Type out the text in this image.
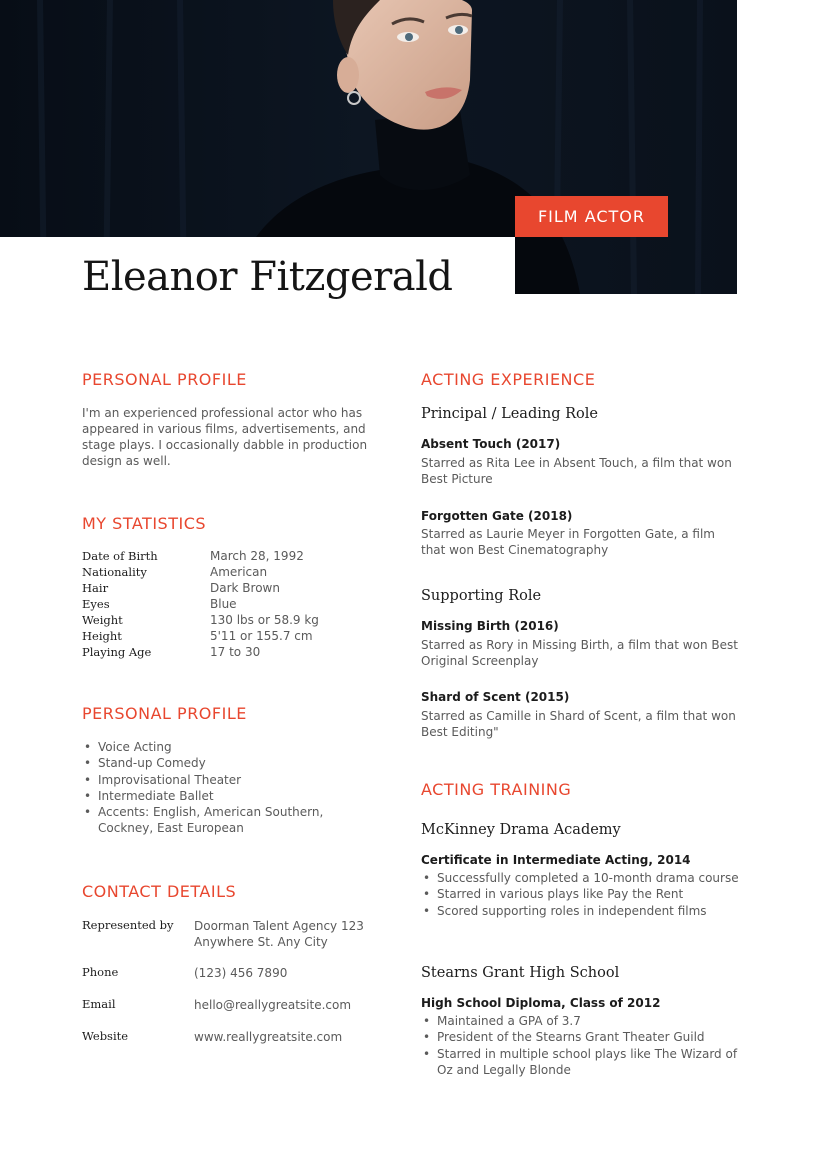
FILM ACTOR
Eleanor Fitzgerald
PERSONAL PROFILE
I'm an experienced professional actor who has appeared in various films, advertisements, and stage plays. I occasionally dabble in production design as well.
MY STATISTICS
Date of Birth	March 28, 1992
Nationality	American
Hair	Dark Brown
Eyes	Blue
Weight	130 lbs or 58.9 kg
Height	5'11 or 155.7 cm
Playing Age	17 to 30
PERSONAL PROFILE
• Voice Acting
• Stand-up Comedy
• Improvisational Theater
• Intermediate Ballet
• Accents: English, American Southern, Cockney, East European
CONTACT DETAILS
Represented by Doorman Talent Agency 123 Anywhere St. Any City
Phone	(123) 456 7890
Email	hello@reallygreatsite.com
Website	www.reallygreatsite.com
ACTING EXPERIENCE
Principal / Leading Role
Absent Touch (2017)
Starred as Rita Lee in Absent Touch, a film that won Best Picture
Forgotten Gate (2018)
Starred as Laurie Meyer in Forgotten Gate, a film that won Best Cinematography
Supporting Role
Missing Birth (2016)
Starred as Rory in Missing Birth, a film that won Best Original Screenplay
Shard of Scent (2015)
Starred as Camille in Shard of Scent, a film that won Best Editing"
ACTING TRAINING
McKinney Drama Academy
Certificate in Intermediate Acting, 2014
• Successfully completed a 10-month drama course
• Starred in various plays like Pay the Rent
• Scored supporting roles in independent films
Stearns Grant High School
High School Diploma, Class of 2012
• Maintained a GPA of 3.7
• President of the Stearns Grant Theater Guild
• Starred in multiple school plays like The Wizard of Oz and Legally Blonde
